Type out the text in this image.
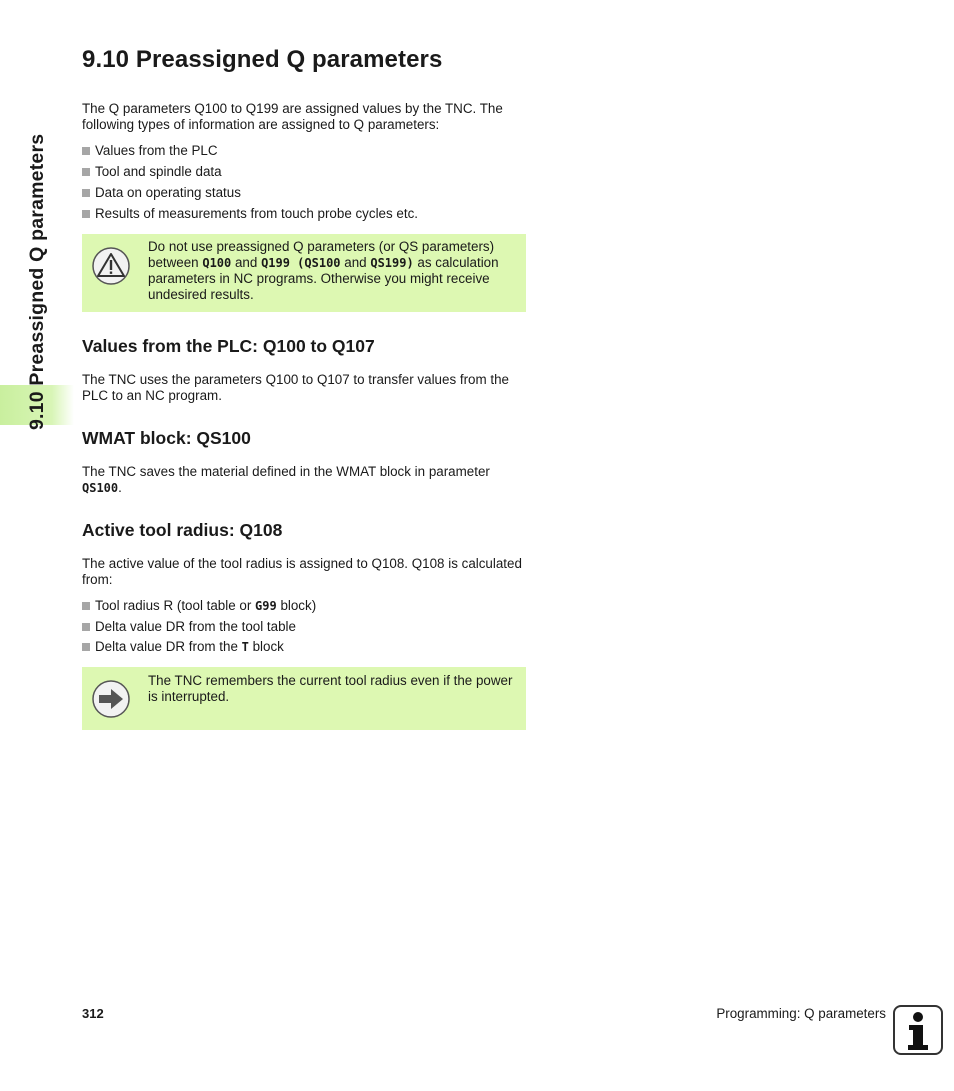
9.10 Preassigned Q parameters
9.10 Preassigned Q parameters

The Q parameters Q100 to Q199 are assigned values by the TNC. The following types of information are assigned to Q parameters:

Values from the PLC
Tool and spindle data
Data on operating status
Results of measurements from touch probe cycles etc.
Do not use preassigned Q parameters (or QS parameters) between Q100 and Q199 (QS100 and QS199) as calculation parameters in NC programs. Otherwise you might receive undesired results.
Values from the PLC: Q100 to Q107

The TNC uses the parameters Q100 to Q107 to transfer values from the PLC to an NC program.

WMAT block: QS100

The TNC saves the material defined in the WMAT block in parameter QS100.

Active tool radius: Q108

The active value of the tool radius is assigned to Q108. Q108 is calculated from:

Tool radius R (tool table or G99 block)
Delta value DR from the tool table
Delta value DR from the T block
The TNC remembers the current tool radius even if the power is interrupted.
312	Programming: Q parameters
